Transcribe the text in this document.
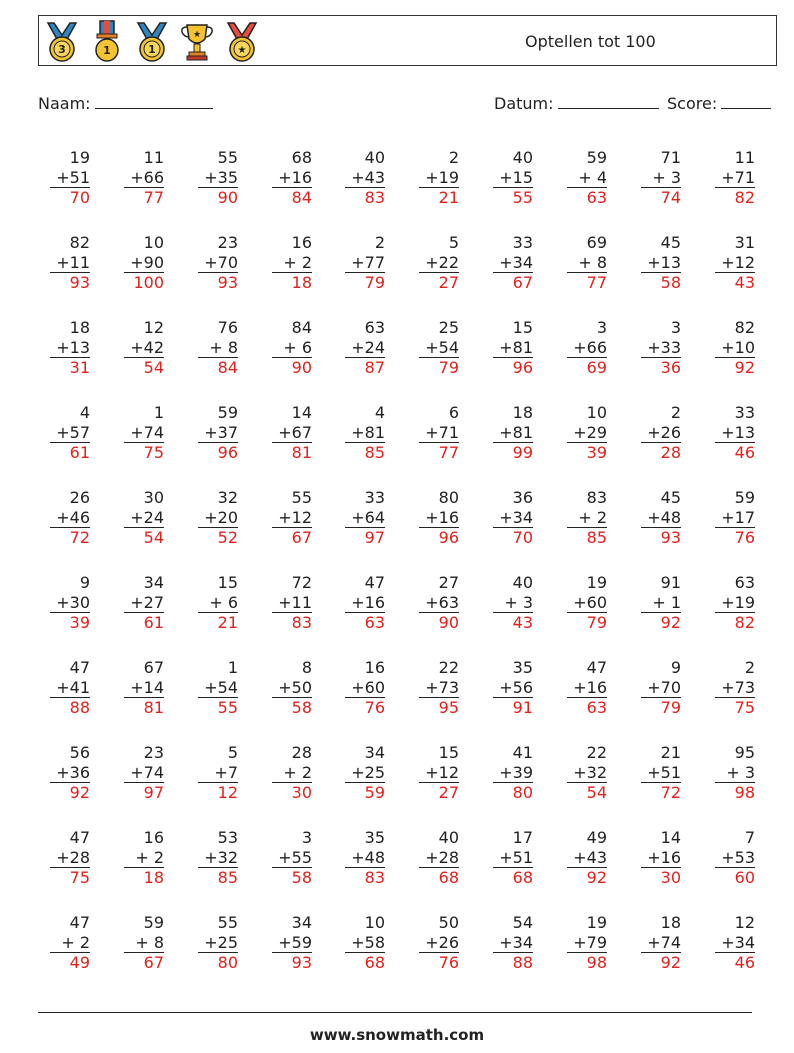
3	1	1
★
★	Optellen tot 100
Naam:	Datum:	Score:
19
+51
70
11
+66
77
55
+35
90
68
+16
84
40
+43
83
2
+19
21
40
+15
55
59
+ 4
63
71
+ 3
74
11
+71
82
82
+11
93
10
+90
100
23
+70
93
16
+ 2
18
2
+77
79
5
+22
27
33
+34
67
69
+ 8
77
45
+13
58
31
+12
43
18
+13
31
12
+42
54
76
+ 8
84
84
+ 6
90
63
+24
87
25
+54
79
15
+81
96
3
+66
69
3
+33
36
82
+10
92
4
+57
61
1
+74
75
59
+37
96
14
+67
81
4
+81
85
6
+71
77
18
+81
99
10
+29
39
2
+26
28
33
+13
46
26
+46
72
30
+24
54
32
+20
52
55
+12
67
33
+64
97
80
+16
96
36
+34
70
83
+ 2
85
45
+48
93
59
+17
76
9
+30
39
34
+27
61
15
+ 6
21
72
+11
83
47
+16
63
27
+63
90
40
+ 3
43
19
+60
79
91
+ 1
92
63
+19
82
47
+41
88
67
+14
81
1
+54
55
8
+50
58
16
+60
76
22
+73
95
35
+56
91
47
+16
63
9
+70
79
2
+73
75
56
+36
92
23
+74
97
5
+7
12
28
+ 2
30
34
+25
59
15
+12
27
41
+39
80
22
+32
54
21
+51
72
95
+ 3
98
47
+28
75
16
+ 2
18
53
+32
85
3
+55
58
35
+48
83
40
+28
68
17
+51
68
49
+43
92
14
+16
30
7
+53
60
47
+ 2
49
59
+ 8
67
55
+25
80
34
+59
93
10
+58
68
50
+26
76
54
+34
88
19
+79
98
18
+74
92
12
+34
46
www.snowmath.com
